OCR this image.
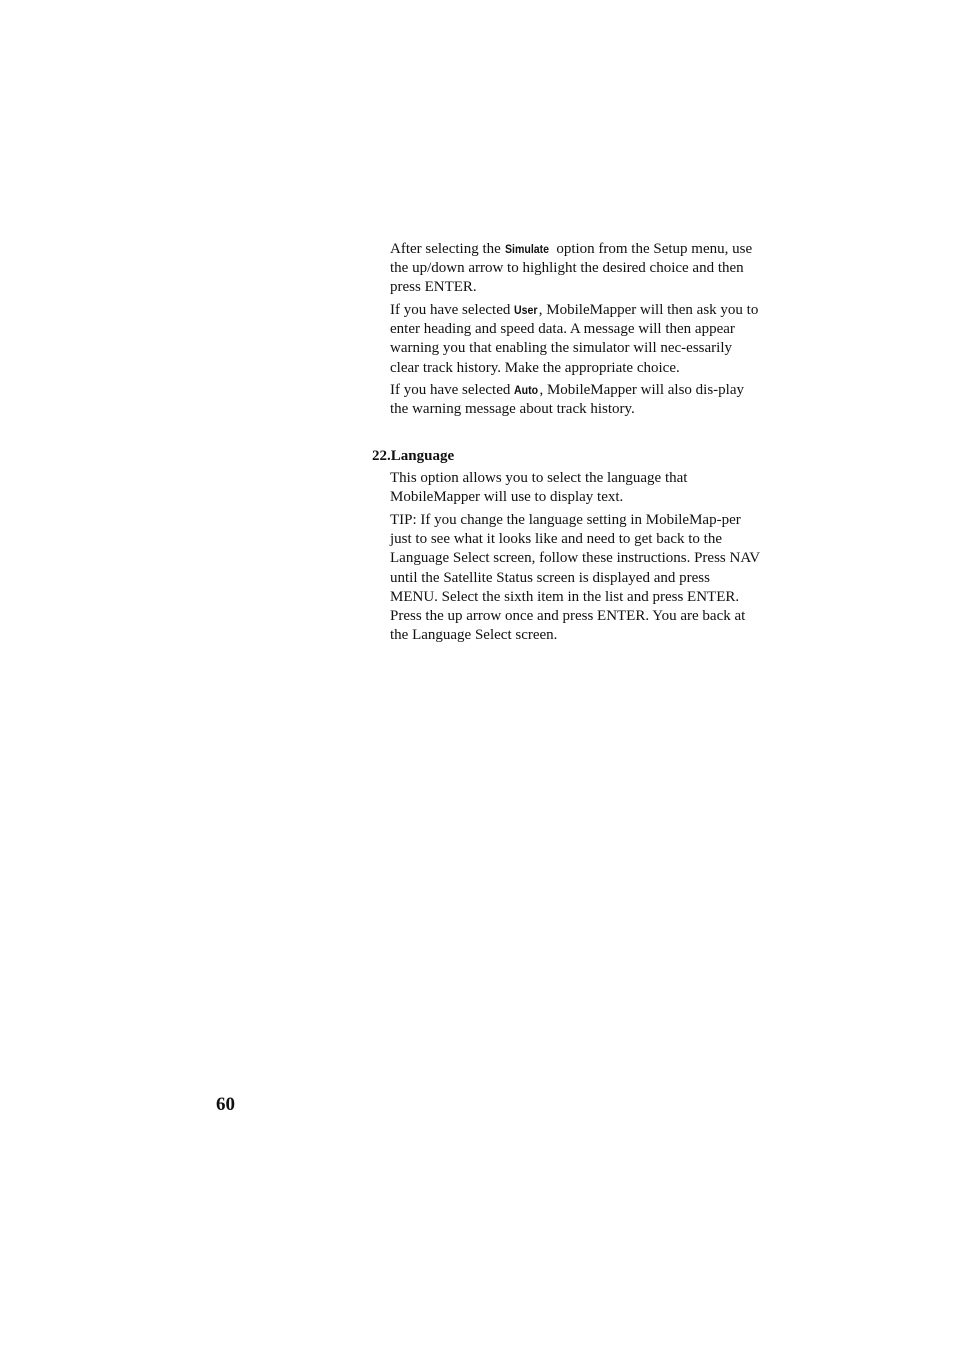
After selecting the Simulate option from the Setup menu, use the up/down arrow to highlight the desired choice and then press ENTER.

If you have selected User, MobileMapper will then ask you to enter heading and speed data. A message will then appear warning you that enabling the simulator will nec-essarily clear track history. Make the appropriate choice.

If you have selected Auto, MobileMapper will also dis-play the warning message about track history.

22.Language

This option allows you to select the language that MobileMapper will use to display text.

TIP: If you change the language setting in MobileMap-per just to see what it looks like and need to get back to the Language Select screen, follow these instructions. Press NAV until the Satellite Status screen is displayed and press MENU. Select the sixth item in the list and press ENTER. Press the up arrow once and press ENTER. You are back at the Language Select screen.

60
